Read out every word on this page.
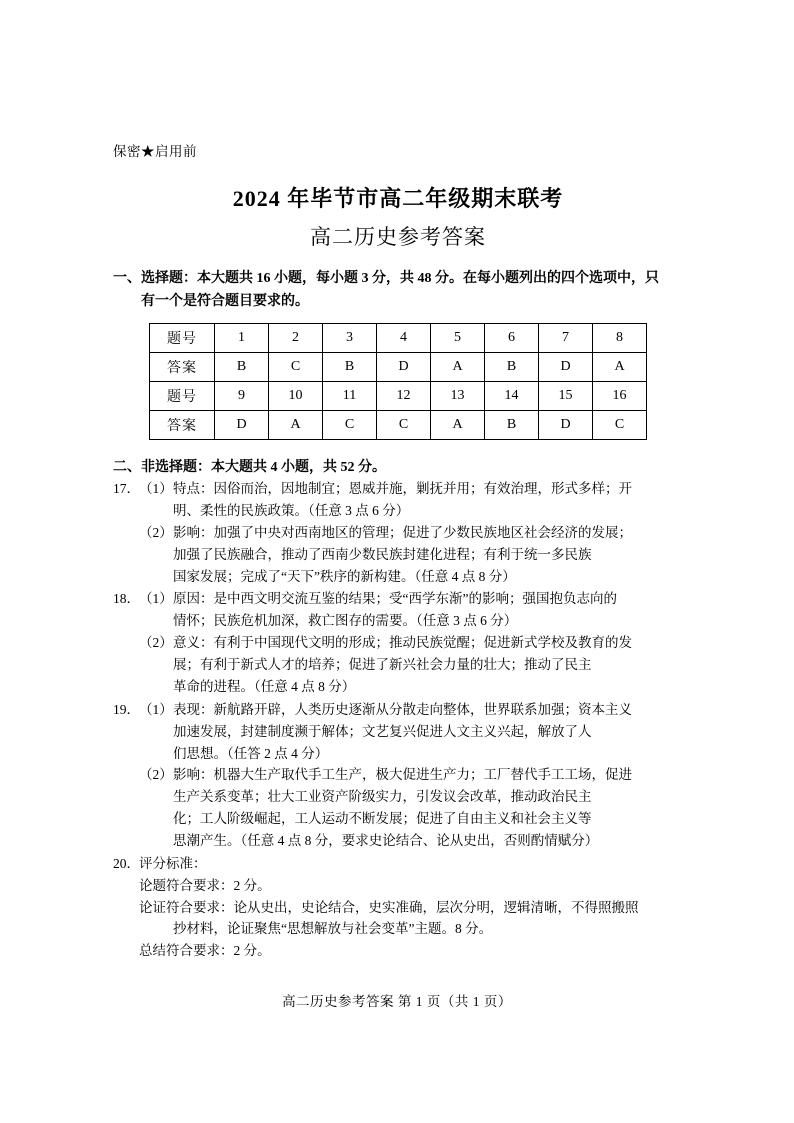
保密★启用前
2024 年毕节市高二年级期末联考
高二历史参考答案
一、选择题：本大题共 16 小题，每小题 3 分，共 48 分。在每小题列出的四个选项中，只
有一个是符合题目要求的。
题号	1	2	3	4	5	6	7	8
答案	B	C	B	D	A	B	D	A
题号	9	10	11	12	13	14	15	16
答案	D	A	C	C	A	B	D	C
二、非选择题：本大题共 4 小题，共 52 分。
17． （1） 特点：因俗而治，因地制宜；恩威并施，剿抚并用；有效治理，形式多样；开
明、柔性的民族政策。（任意 3 点 6 分）
（2） 影响：加强了中央对西南地区的管理；促进了少数民族地区社会经济的发展；
加强了民族融合，推动了西南少数民族封建化进程；有利于统一多民族
国家发展；完成了“天下”秩序的新构建。（任意 4 点 8 分）
18． （1） 原因：是中西文明交流互鉴的结果；受“西学东渐”的影响；强国抱负志向的
情怀；民族危机加深，救亡图存的需要。（任意 3 点 6 分）
（2） 意义：有利于中国现代文明的形成；推动民族觉醒；促进新式学校及教育的发
展；有利于新式人才的培养；促进了新兴社会力量的壮大；推动了民主
革命的进程。（任意 4 点 8 分）
19． （1） 表现：新航路开辟，人类历史逐渐从分散走向整体，世界联系加强；资本主义
加速发展，封建制度濒于解体；文艺复兴促进人文主义兴起，解放了人
们思想。（任答 2 点 4 分）
（2） 影响：机器大生产取代手工生产，极大促进生产力；工厂替代手工工场，促进
生产关系变革；壮大工业资产阶级实力，引发议会改革，推动政治民主
化；工人阶级崛起，工人运动不断发展；促进了自由主义和社会主义等
思潮产生。（任意 4 点 8 分，要求史论结合、论从史出，否则酌情赋分）
20． 评分标准：
论题符合要求：2 分。
论证符合要求：论从史出，史论结合，史实准确，层次分明，逻辑清晰，不得照搬照
抄材料，论证聚焦“思想解放与社会变革”主题。8 分。
总结符合要求：2 分。
高二历史参考答案 第 1 页（共 1 页）
